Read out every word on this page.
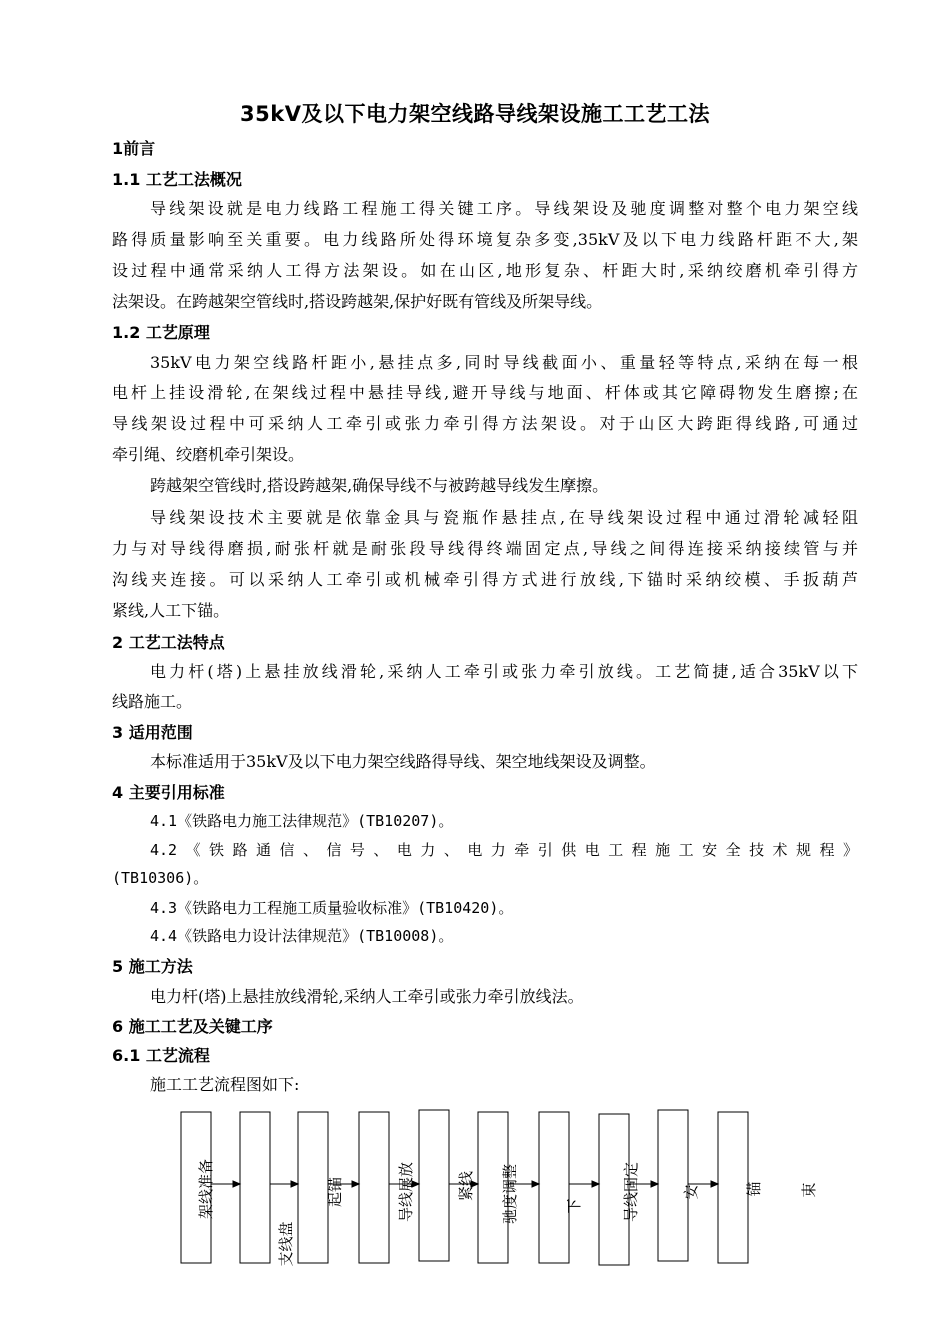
35kV及以下电力架空线路导线架设施工工艺工法
1前言
1.1 工艺工法概况
导线架设就是电力线路工程施工得关键工序。导线架设及驰度调整对整个电力架空线
路得质量影响至关重要。电力线路所处得环境复杂多变,35kV及以下电力线路杆距不大,架
设过程中通常采纳人工得方法架设。如在山区,地形复杂、杆距大时,采纳绞磨机牵引得方
法架设。在跨越架空管线时,搭设跨越架,保护好既有管线及所架导线。
1.2 工艺原理
35kV电力架空线路杆距小,悬挂点多,同时导线截面小、重量轻等特点,采纳在每一根
电杆上挂设滑轮,在架线过程中悬挂导线,避开导线与地面、杆体或其它障碍物发生磨擦;在
导线架设过程中可采纳人工牵引或张力牵引得方法架设。对于山区大跨距得线路,可通过
牵引绳、绞磨机牵引架设。
跨越架空管线时,搭设跨越架,确保导线不与被跨越导线发生摩擦。
导线架设技术主要就是依靠金具与瓷瓶作悬挂点,在导线架设过程中通过滑轮减轻阻
力与对导线得磨损,耐张杆就是耐张段导线得终端固定点,导线之间得连接采纳接续管与并
沟线夹连接。可以采纳人工牵引或机械牵引得方式进行放线,下锚时采纳绞模、手扳葫芦
紧线,人工下锚。
2 工艺工法特点
电力杆(塔)上悬挂放线滑轮,采纳人工牵引或张力牵引放线。工艺简捷,适合35kV以下
线路施工。
3 适用范围
本标准适用于35kV及以下电力架空线路得导线、架空地线架设及调整。
4 主要引用标准
4.1《铁路电力施工法律规范》(TB10207)。
4.2《铁路通信、信号、电力、电力牵引供电工程施工安全技术规程》
(TB10306)。
4.3《铁路电力工程施工质量验收标准》(TB10420)。
4.4《铁路电力设计法律规范》(TB10008)。
5 施工方法
电力杆(塔)上悬挂放线滑轮,采纳人工牵引或张力牵引放线法。
6 施工工艺及关键工序
6.1 工艺流程
施工工艺流程图如下:
架线准备
支线盘
起锚	导线展放	紧线 驰度调整	下	导线固定	安	锚 束
